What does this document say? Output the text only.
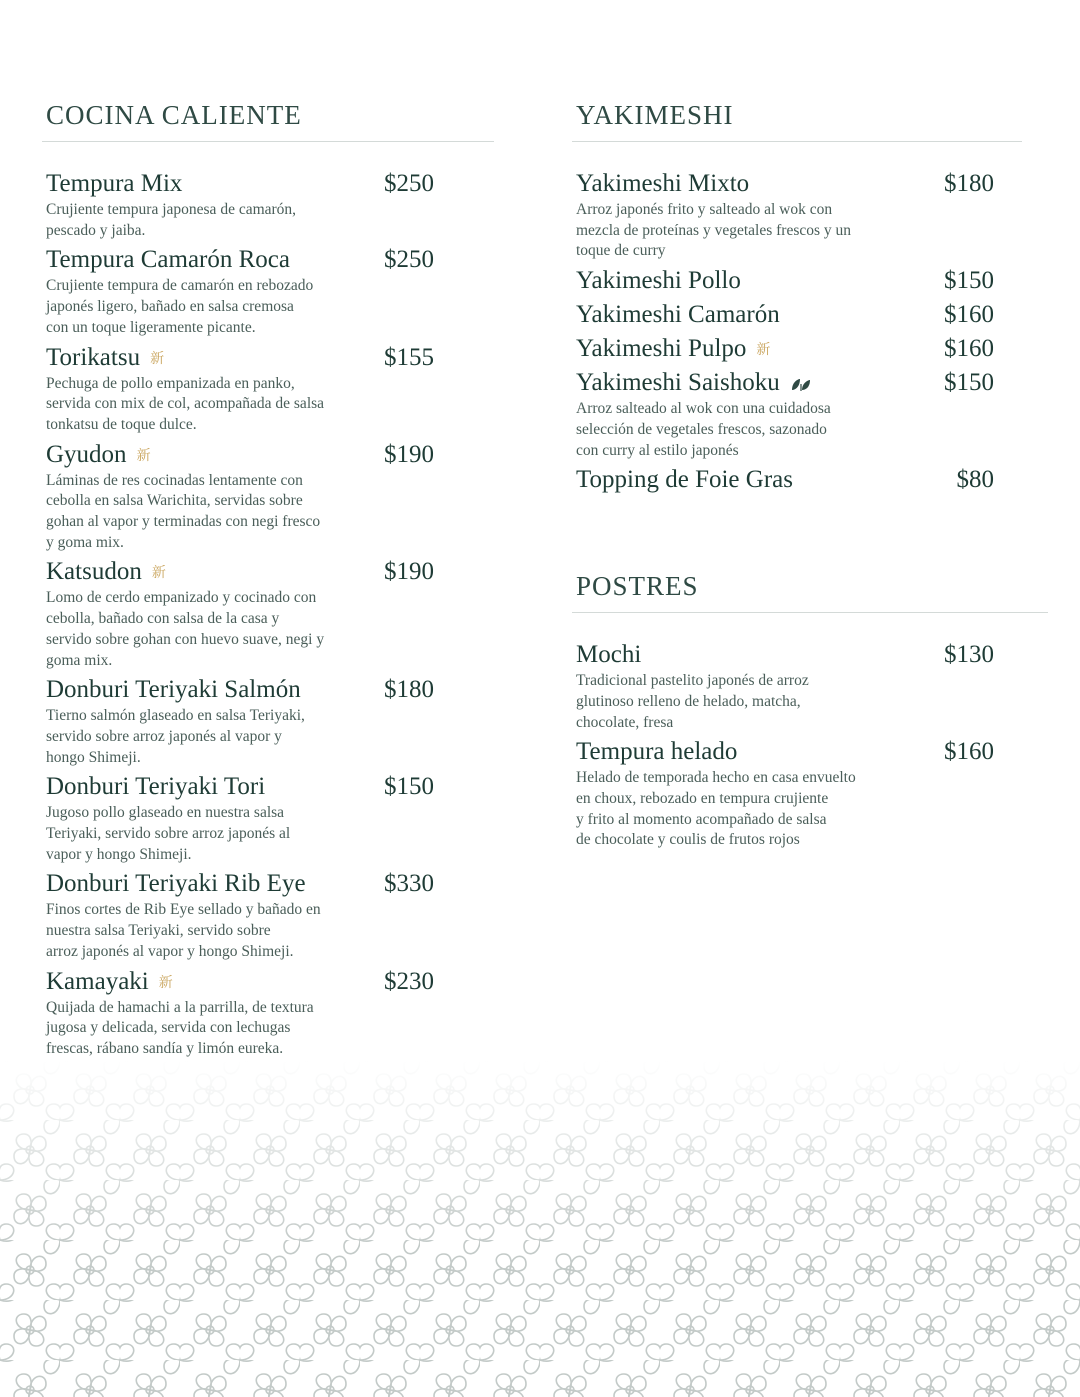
COCINA CALIENTE
Tempura Mix	$250
Crujiente tempura japonesa de camarón,
pescado y jaiba.
Tempura Camarón Roca	$250
Crujiente tempura de camarón en rebozado
japonés ligero, bañado en salsa cremosa
con un toque ligeramente picante.
Torikatsu 新	$155
Pechuga de pollo empanizada en panko,
servida con mix de col, acompañada de salsa
tonkatsu de toque dulce.
Gyudon 新	$190
Láminas de res cocinadas lentamente con
cebolla en salsa Warichita, servidas sobre
gohan al vapor y terminadas con negi fresco
y goma mix.
Katsudon 新	$190
Lomo de cerdo empanizado y cocinado con
cebolla, bañado con salsa de la casa y
servido sobre gohan con huevo suave, negi y
goma mix.
Donburi Teriyaki Salmón	$180
Tierno salmón glaseado en salsa Teriyaki,
servido sobre arroz japonés al vapor y
hongo Shimeji.
Donburi Teriyaki Tori	$150
Jugoso pollo glaseado en nuestra salsa
Teriyaki, servido sobre arroz japonés al
vapor y hongo Shimeji.
Donburi Teriyaki Rib Eye	$330
Finos cortes de Rib Eye sellado y bañado en
nuestra salsa Teriyaki, servido sobre
arroz japonés al vapor y hongo Shimeji.
Kamayaki 新	$230
Quijada de hamachi a la parrilla, de textura
jugosa y delicada, servida con lechugas
frescas, rábano sandía y limón eureka.
YAKIMESHI
Yakimeshi Mixto	$180
Arroz japonés frito y salteado al wok con
mezcla de proteínas y vegetales frescos y un
toque de curry
Yakimeshi Pollo	$150
Yakimeshi Camarón	$160
Yakimeshi Pulpo 新	$160
Yakimeshi Saishoku	$150
Arroz salteado al wok con una cuidadosa
selección de vegetales frescos, sazonado
con curry al estilo japonés
Topping de Foie Gras	$80
POSTRES
Mochi	$130
Tradicional pastelito japonés de arroz
glutinoso relleno de helado, matcha,
chocolate, fresa
Tempura helado	$160
Helado de temporada hecho en casa envuelto
en choux, rebozado en tempura crujiente
y frito al momento acompañado de salsa
de chocolate y coulis de frutos rojos
